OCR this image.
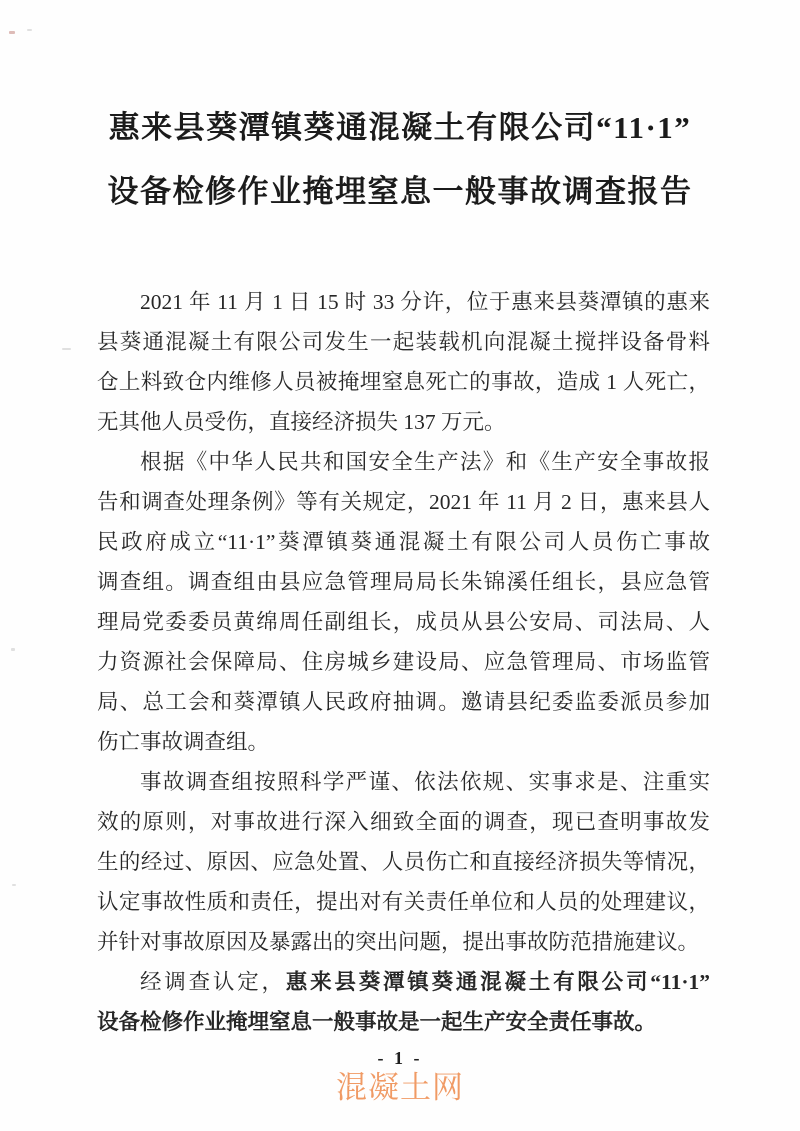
惠来县葵潭镇葵通混凝土有限公司“11·1”
设备检修作业掩埋窒息一般事故调查报告
2021 年 11 月 1 日 15 时 33 分许，位于惠来县葵潭镇的惠来
县葵通混凝土有限公司发生一起装载机向混凝土搅拌设备骨料
仓上料致仓内维修人员被掩埋窒息死亡的事故，造成 1 人死亡，
无其他人员受伤，直接经济损失 137 万元。
根据《中华人民共和国安全生产法》和《生产安全事故报
告和调查处理条例》等有关规定，2021 年 11 月 2 日，惠来县人
民政府成立“11·1”葵潭镇葵通混凝土有限公司人员伤亡事故
调查组。调查组由县应急管理局局长朱锦溪任组长，县应急管
理局党委委员黄绵周任副组长，成员从县公安局、司法局、人
力资源社会保障局、住房城乡建设局、应急管理局、市场监管
局、总工会和葵潭镇人民政府抽调。邀请县纪委监委派员参加
伤亡事故调查组。
事故调查组按照科学严谨、依法依规、实事求是、注重实
效的原则，对事故进行深入细致全面的调查，现已查明事故发
生的经过、原因、应急处置、人员伤亡和直接经济损失等情况，
认定事故性质和责任，提出对有关责任单位和人员的处理建议，
并针对事故原因及暴露出的突出问题，提出事故防范措施建议。
经调查认定，惠来县葵潭镇葵通混凝土有限公司“11·1”
设备检修作业掩埋窒息一般事故是一起生产安全责任事故。
- 1 -
混凝土网
